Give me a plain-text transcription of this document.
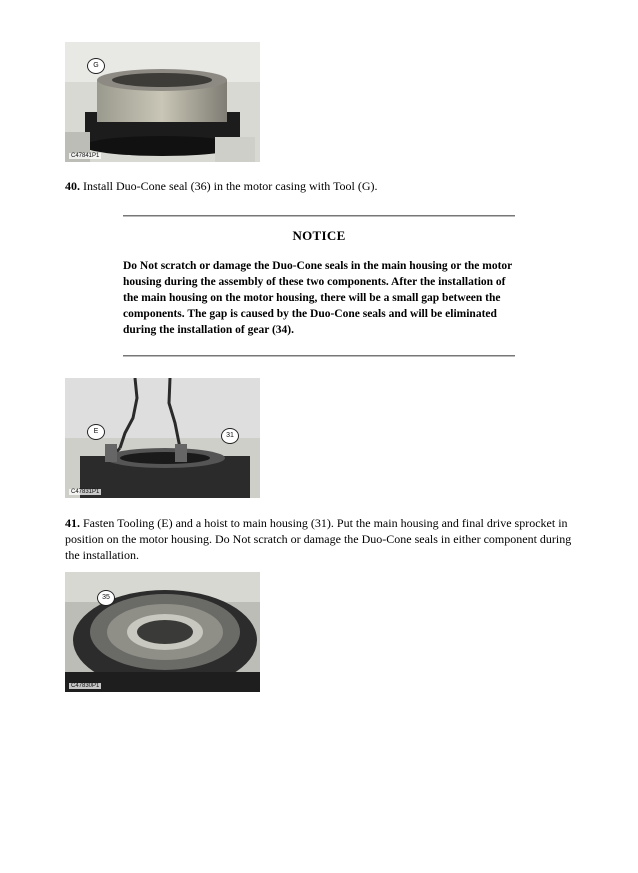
G
C47841P1
40. Install Duo-Cone seal (36) in the motor casing with Tool (G).
NOTICE
Do Not scratch or damage the Duo-Cone seals in the main housing or the motor housing during the assembly of these two components. After the installation of the main housing on the motor housing, there will be a small gap between the components. The gap is caused by the Duo-Cone seals and will be eliminated during the installation of gear (34).
E
31
C47831P1
41. Fasten Tooling (E) and a hoist to main housing (31). Put the main housing and final drive sprocket in position on the motor housing. Do Not scratch or damage the Duo-Cone seals in either component during the installation.
35
C47830P1
